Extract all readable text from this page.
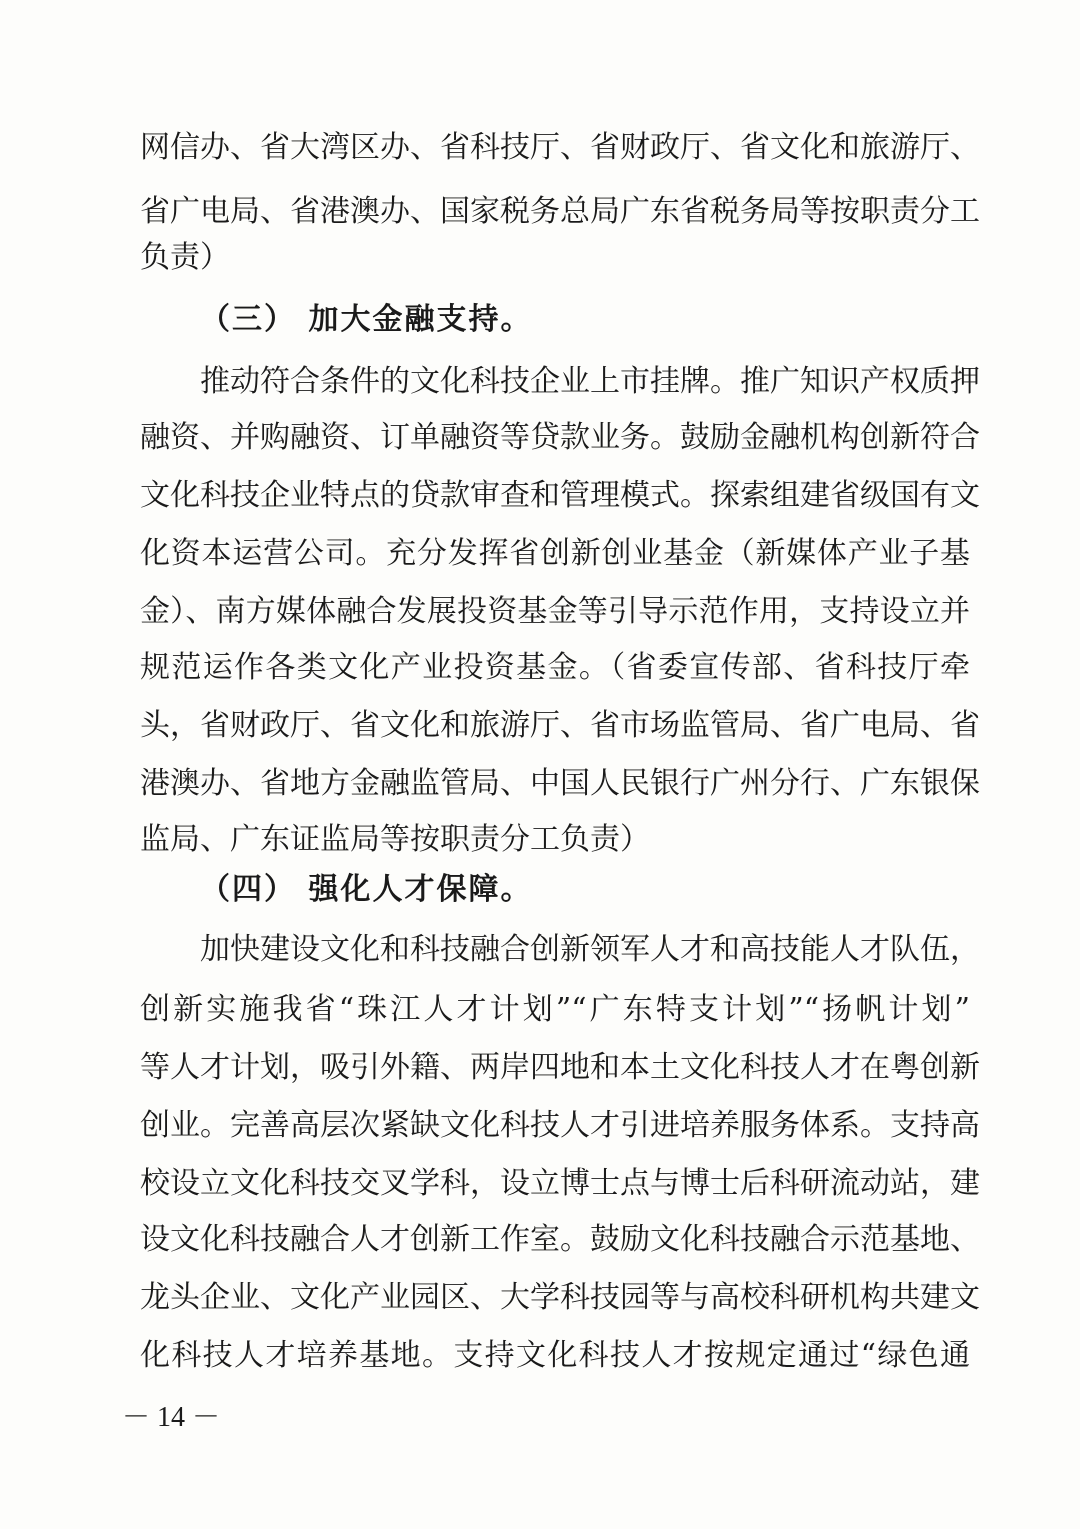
网信办、省大湾区办、省科技厅、省财政厅、省文化和旅游厅、
省广电局、省港澳办、国家税务总局广东省税务局等按职责分工
负责）
（三） 加大金融支持。
推动符合条件的文化科技企业上市挂牌。推广知识产权质押
融资、并购融资、订单融资等贷款业务。鼓励金融机构创新符合
文化科技企业特点的贷款审查和管理模式。探索组建省级国有文
化资本运营公司。充分发挥省创新创业基金（新媒体产业子基
金）、南方媒体融合发展投资基金等引导示范作用，支持设立并
规范运作各类文化产业投资基金。（省委宣传部、省科技厅牵
头，省财政厅、省文化和旅游厅、省市场监管局、省广电局、省
港澳办、省地方金融监管局、中国人民银行广州分行、广东银保
监局、广东证监局等按职责分工负责）
（四） 强化人才保障。
加快建设文化和科技融合创新领军人才和高技能人才队伍，
创新实施我省“珠江人才计划”“广东特支计划”“扬帆计划”
等人才计划，吸引外籍、两岸四地和本土文化科技人才在粤创新
创业。完善高层次紧缺文化科技人才引进培养服务体系。支持高
校设立文化科技交叉学科，设立博士点与博士后科研流动站，建
设文化科技融合人才创新工作室。鼓励文化科技融合示范基地、
龙头企业、文化产业园区、大学科技园等与高校科研机构共建文
化科技人才培养基地。支持文化科技人才按规定通过“绿色通
－ 14 －
